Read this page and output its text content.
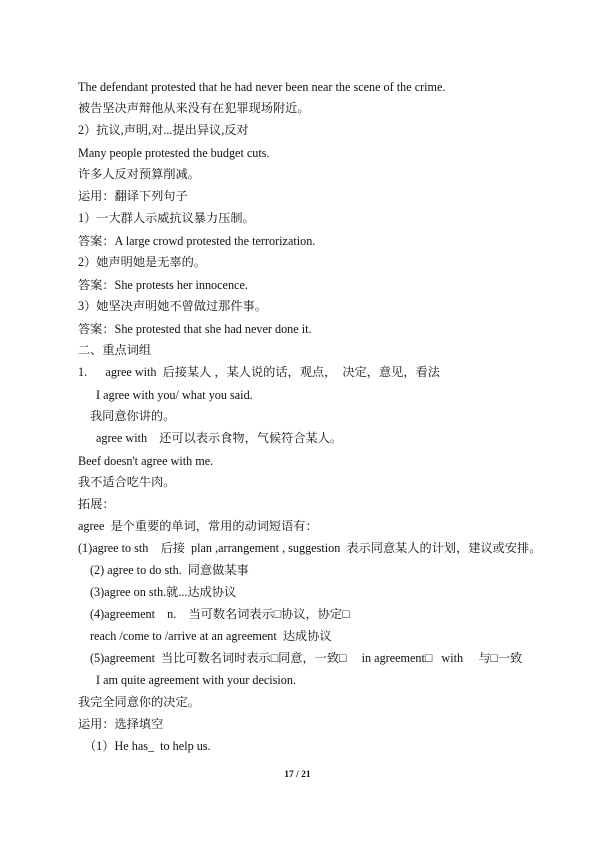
The defendant protested that he had never been near the scene of the crime.
被告坚决声辩他从来没有在犯罪现场附近。
2）抗议,声明,对...提出异议,反对
Many people protested the budget cuts.
许多人反对预算削减。
运用：翻译下列句子
1）一大群人示威抗议暴力压制。
答案：A large crowd protested the terrorization.
2）她声明她是无辜的。
答案：She protests her innocence.
3）她坚决声明她不曾做过那件事。
答案：She protested that she had never done it.
二、重点词组
1.      agree with  后接某人 ，某人说的话，观点，  决定，意见，看法
I agree with you/ what you said.
我同意你讲的。
agree with    还可以表示食物，气候符合某人。
Beef doesn't agree with me.
我不适合吃牛肉。
拓展：
agree  是个重要的单词，常用的动词短语有：
(1)agree to sth    后接  plan ,arrangement , suggestion  表示同意某人的计划，建议或安排。
(2) agree to do sth.  同意做某事
(3)agree on sth.就...达成协议
(4)agreement    n.    当可数名词表示□协议，协定□
reach /come to /arrive at an agreement  达成协议
(5)agreement  当比可数名词时表示□同意，一致□     in agreement□   with     与□一致
I am quite agreement with your decision.
我完全同意你的决定。
运用：选择填空
（1）He has_  to help us.
17 / 21
